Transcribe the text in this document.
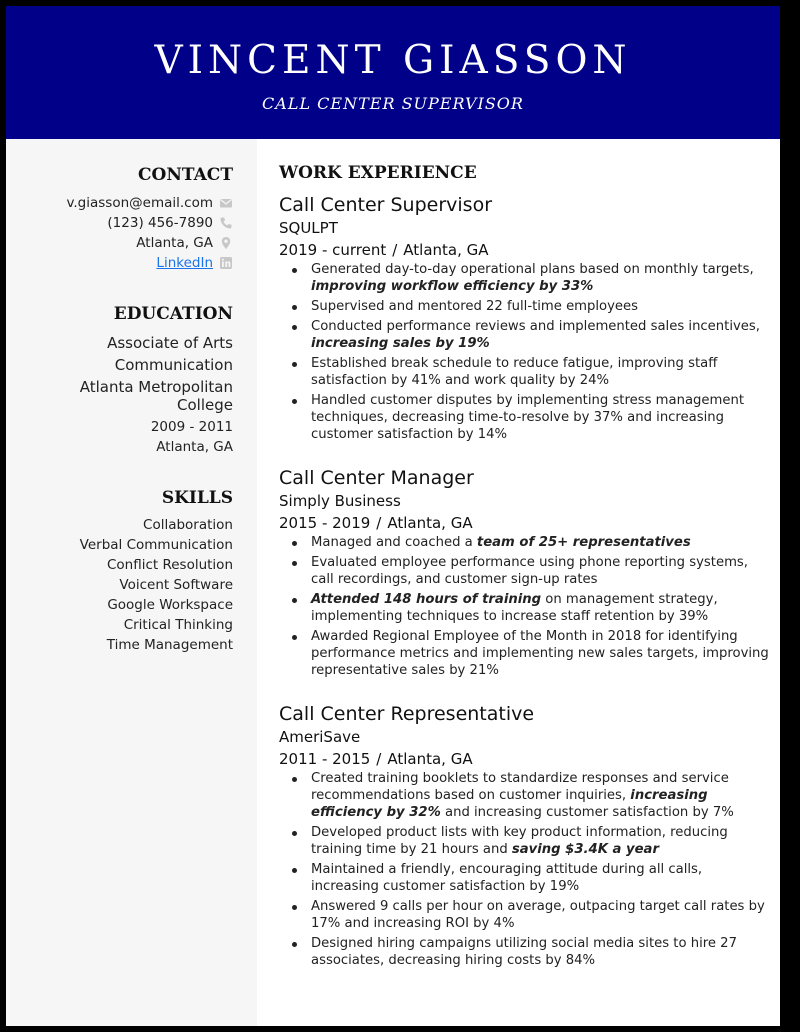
VINCENT GIASSON
CALL CENTER SUPERVISOR
CONTACT
v.giasson@email.com
(123) 456-7890
Atlanta, GA
LinkedIn
EDUCATION
Associate of Arts
Communication
Atlanta Metropolitan
College
2009 - 2011
Atlanta, GA
SKILLS
Collaboration
Verbal Communication
Conflict Resolution
Voicent Software
Google Workspace
Critical Thinking
Time Management
WORK EXPERIENCE
Call Center Supervisor
SQULPT
2019 - current / Atlanta, GA
Generated day-to-day operational plans based on monthly targets, improving workflow efficiency by 33%
Supervised and mentored 22 full-time employees
Conducted performance reviews and implemented sales incentives, increasing sales by 19%
Established break schedule to reduce fatigue, improving staff satisfaction by 41% and work quality by 24%
Handled customer disputes by implementing stress management techniques, decreasing time-to-resolve by 37% and increasing customer satisfaction by 14%
Call Center Manager
Simply Business
2015 - 2019 / Atlanta, GA
Managed and coached a team of 25+ representatives
Evaluated employee performance using phone reporting systems, call recordings, and customer sign-up rates
Attended 148 hours of training on management strategy, implementing techniques to increase staff retention by 39%
Awarded Regional Employee of the Month in 2018 for identifying performance metrics and implementing new sales targets, improving representative sales by 21%
Call Center Representative
AmeriSave
2011 - 2015 / Atlanta, GA
Created training booklets to standardize responses and service recommendations based on customer inquiries, increasing efficiency by 32% and increasing customer satisfaction by 7%
Developed product lists with key product information, reducing training time by 21 hours and saving $3.4K a year
Maintained a friendly, encouraging attitude during all calls, increasing customer satisfaction by 19%
Answered 9 calls per hour on average, outpacing target call rates by 17% and increasing ROI by 4%
Designed hiring campaigns utilizing social media sites to hire 27 associates, decreasing hiring costs by 84%
